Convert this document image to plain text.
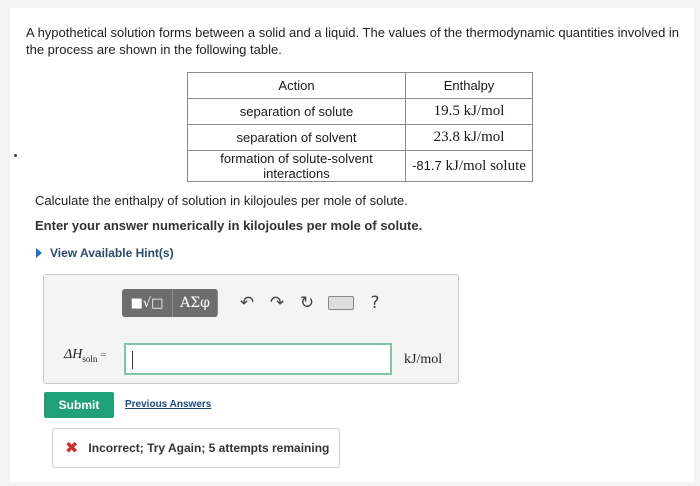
A hypothetical solution forms between a solid and a liquid. The values of the thermodynamic quantities involved in the process are shown in the following table.
Action	Enthalpy
separation of solute	19.5 kJ/mol
separation of solvent	23.8 kJ/mol
formation of solute-solvent interactions	-81.7 kJ/mol solute
Calculate the enthalpy of solution in kilojoules per mole of solute.
Enter your answer numerically in kilojoules per mole of solute.
View Available Hint(s)
■√□	ΑΣφ	↶ ↷ ↻	?
$\Delta H_{soln}$ =	kJ/mol
Submit	Previous Answers
✖ Incorrect; Try Again; 5 attempts remaining
